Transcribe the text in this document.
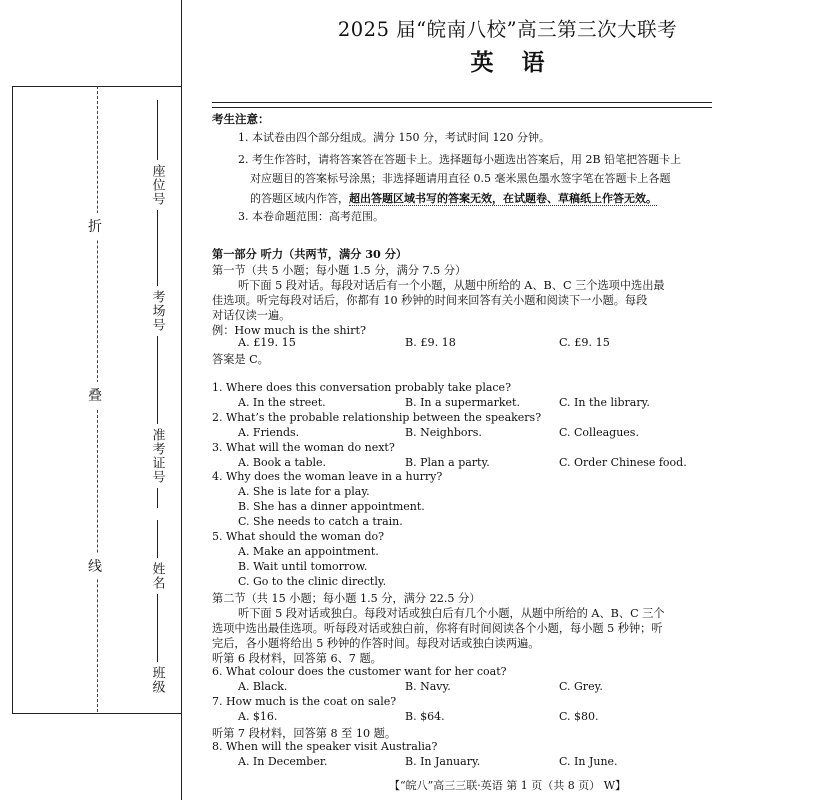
折
叠
线
座位号
考场号
准考证号
姓名
班级
2025 届“皖南八校”高三第三次大联考
英语
考生注意：
1. 本试卷由四个部分组成。满分 150 分，考试时间 120 分钟。
2. 考生作答时，请将答案答在答题卡上。选择题每小题选出答案后，用 2B 铅笔把答题卡上
对应题目的答案标号涂黑；非选择题请用直径 0.5 毫米黑色墨水签字笔在答题卡上各题
的答题区域内作答，超出答题区域书写的答案无效，在试题卷、草稿纸上作答无效。
3. 本卷命题范围：高考范围。
第一部分 听力（共两节，满分 30 分）
第一节（共 5 小题；每小题 1.5 分，满分 7.5 分）
听下面 5 段对话。每段对话后有一个小题，从题中所给的 A、B、C 三个选项中选出最
佳选项。听完每段对话后，你都有 10 秒钟的时间来回答有关小题和阅读下一小题。每段
对话仅读一遍。
例：How much is the shirt?
A. £19. 15	B. £9. 18	C. £9. 15
答案是 C。
1. Where does this conversation probably take place?
A. In the street.	B. In a supermarket.	C. In the library.
2. What’s the probable relationship between the speakers?
A. Friends.	B. Neighbors.	C. Colleagues.
3. What will the woman do next?
A. Book a table.	B. Plan a party.	C. Order Chinese food.
4. Why does the woman leave in a hurry?
A. She is late for a play.
B. She has a dinner appointment.
C. She needs to catch a train.
5. What should the woman do?
A. Make an appointment.
B. Wait until tomorrow.
C. Go to the clinic directly.
第二节（共 15 小题；每小题 1.5 分，满分 22.5 分）
听下面 5 段对话或独白。每段对话或独白后有几个小题，从题中所给的 A、B、C 三个
选项中选出最佳选项。听每段对话或独白前，你将有时间阅读各个小题，每小题 5 秒钟；听
完后，各小题将给出 5 秒钟的作答时间。每段对话或独白读两遍。
听第 6 段材料，回答第 6、7 题。
6. What colour does the customer want for her coat?
A. Black.	B. Navy.	C. Grey.
7. How much is the coat on sale?
A. $16.	B. $64.	C. $80.
听第 7 段材料，回答第 8 至 10 题。
8. When will the speaker visit Australia?
A. In December.	B. In January.	C. In June.
【“皖八”高三三联·英语 第 1 页（共 8 页） W】
